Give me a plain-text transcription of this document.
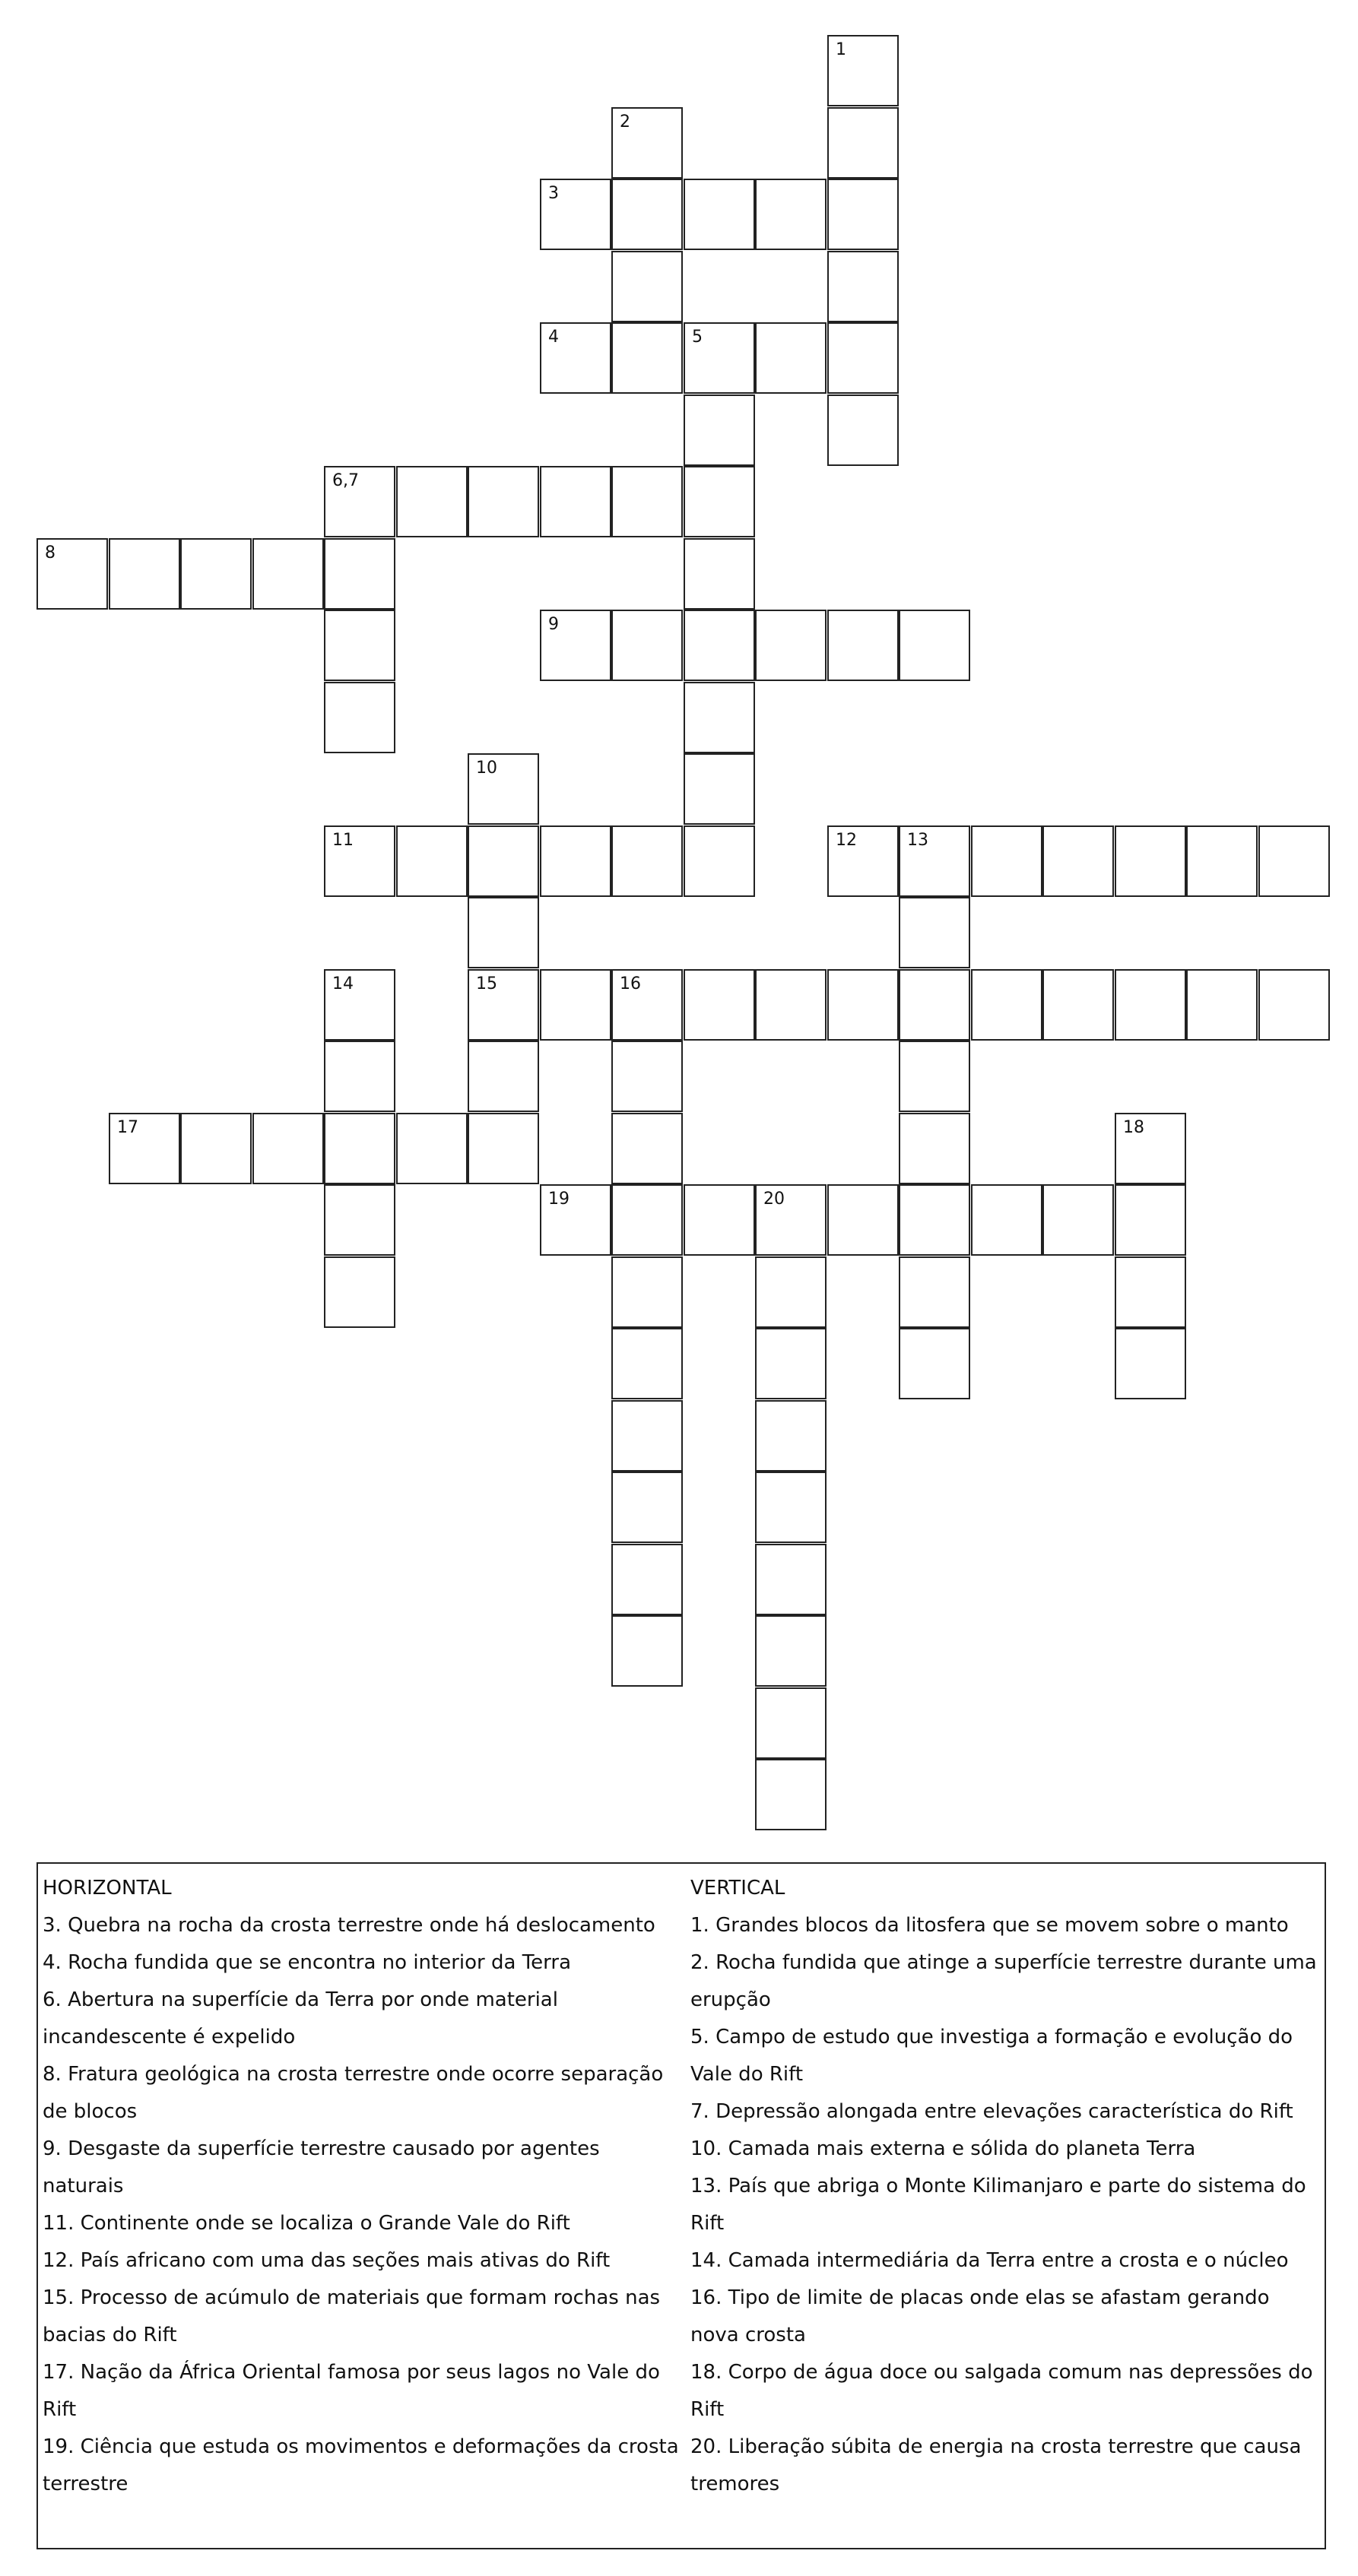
1
2
3
4	5
6,7
8
9
10
11	12	13
14	15	16
17	18
19	20
HORIZONTAL
3. Quebra na rocha da crosta terrestre onde há deslocamento
4. Rocha fundida que se encontra no interior da Terra
6. Abertura na superfície da Terra por onde material incandescente é expelido
8. Fratura geológica na crosta terrestre onde ocorre separação de blocos
9. Desgaste da superfície terrestre causado por agentes naturais
11. Continente onde se localiza o Grande Vale do Rift
12. País africano com uma das seções mais ativas do Rift
15. Processo de acúmulo de materiais que formam rochas nas bacias do Rift
17. Nação da África Oriental famosa por seus lagos no Vale do Rift
19. Ciência que estuda os movimentos e deformações da crosta terrestre
VERTICAL
1. Grandes blocos da litosfera que se movem sobre o manto
2. Rocha fundida que atinge a superfície terrestre durante uma erupção
5. Campo de estudo que investiga a formação e evolução do Vale do Rift
7. Depressão alongada entre elevações característica do Rift
10. Camada mais externa e sólida do planeta Terra
13. País que abriga o Monte Kilimanjaro e parte do sistema do Rift
14. Camada intermediária da Terra entre a crosta e o núcleo
16. Tipo de limite de placas onde elas se afastam gerando nova crosta
18. Corpo de água doce ou salgada comum nas depressões do Rift
20. Liberação súbita de energia na crosta terrestre que causa tremores
